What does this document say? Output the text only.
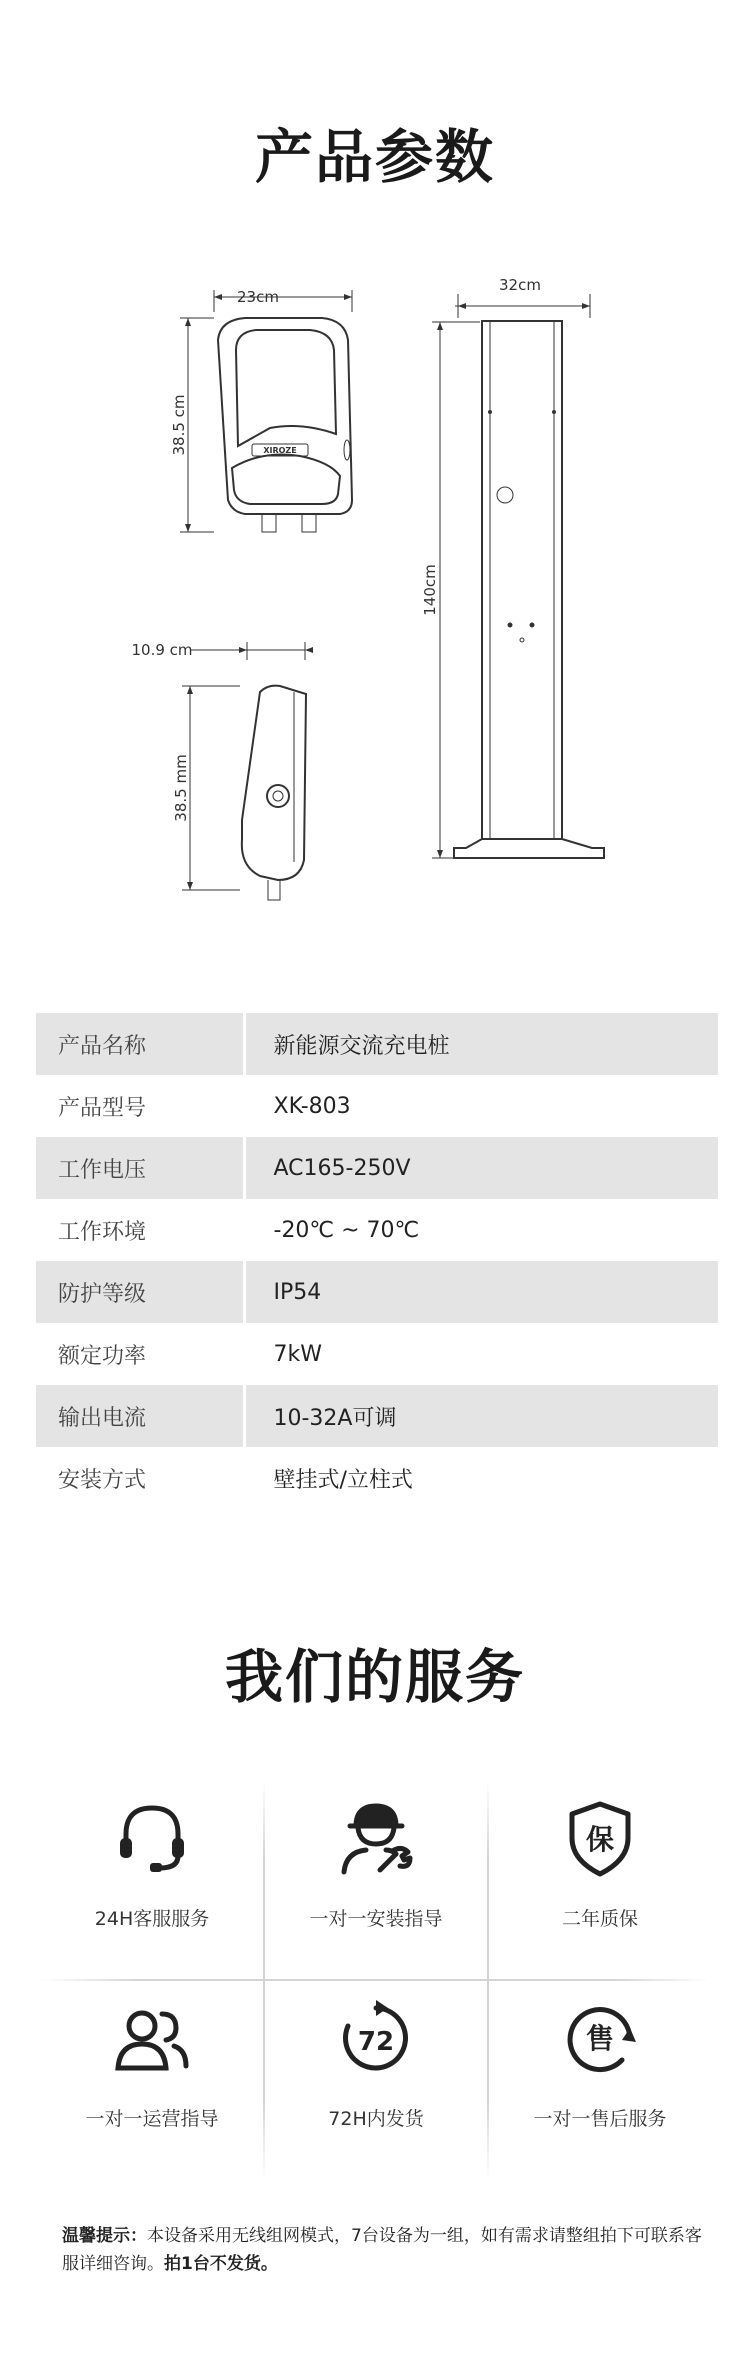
产品参数
23cm
38.5 cm
10.9 cm
38.5 mm
32cm
140cm
XIROZE
产品名称	新能源交流充电桩
产品型号	XK-803
工作电压	AC165-250V
工作环境	-20℃ ~ 70℃
防护等级	IP54
额定功率	7kW
输出电流	10-32A可调
安装方式	壁挂式/立柱式
我们的服务
24H客服服务	一对一安装指导
保
二年质保
一对一运营指导
72
72H内发货
售
一对一售后服务
温馨提示：本设备采用无线组网模式，7台设备为一组，如有需求请整组拍下可联系客服详细咨询。拍1台不发货。
